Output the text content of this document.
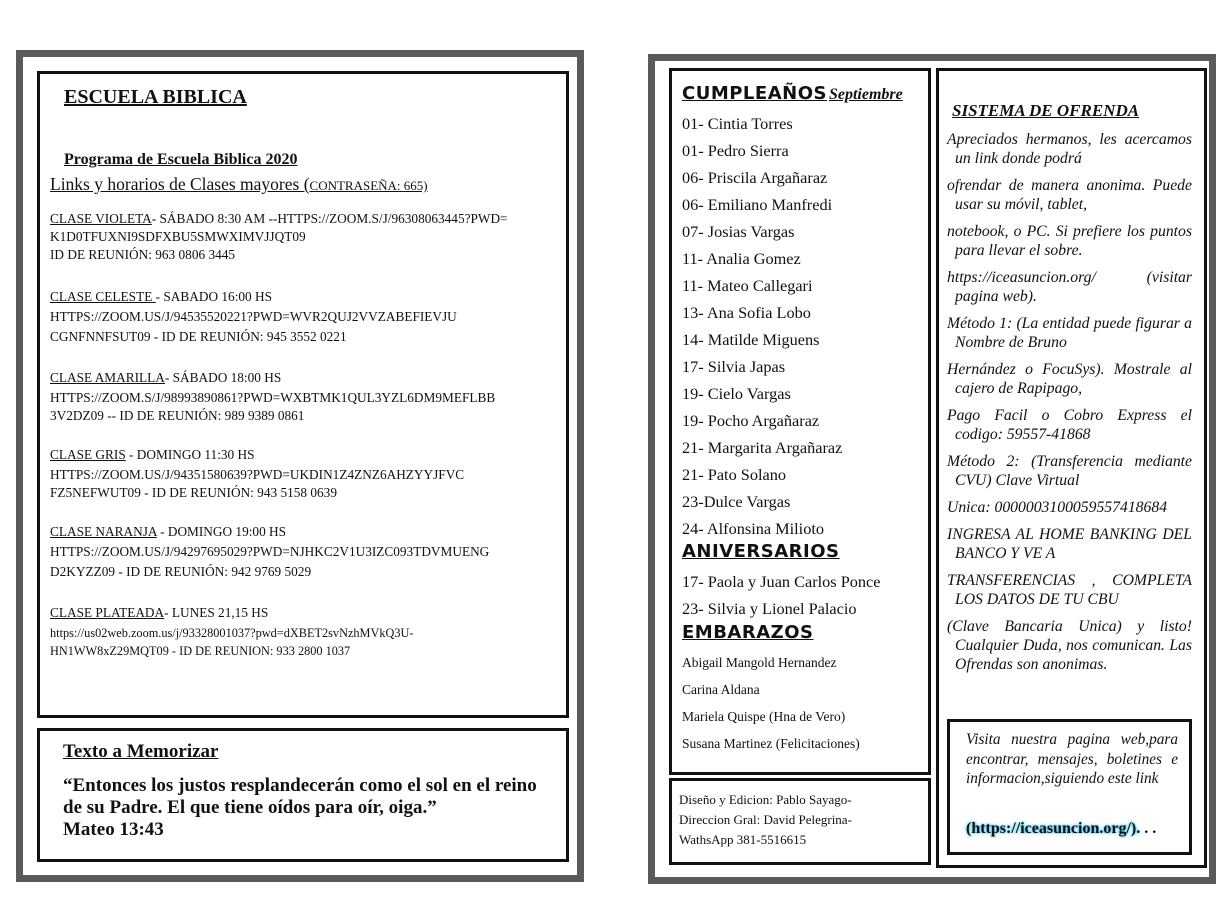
ESCUELA BIBLICA
Programa de Escuela Biblica 2020
Links y horarios de Clases mayores (CONTRASEÑA: 665)
CLASE VIOLETA- SÁBADO 8:30 AM --HTTPS://ZOOM.S/J/96308063445?PWD=
K1D0TFUXNI9SDFXBU5SMWXIMVJJQT09
ID DE REUNIÓN: 963 0806 3445
CLASE CELESTE - SABADO 16:00 HS
HTTPS://ZOOM.US/J/94535520221?PWD=WVR2QUJ2VVZABEFIEVJU
CGNFNNFSUT09 - ID DE REUNIÓN: 945 3552 0221
CLASE AMARILLA- SÁBADO 18:00 HS
HTTPS://ZOOM.S/J/98993890861?PWD=WXBTMK1QUL3YZL6DM9MEFLBB
3V2DZ09 -- ID DE REUNIÓN: 989 9389 0861
CLASE GRIS - DOMINGO 11:30 HS
HTTPS://ZOOM.US/J/94351580639?PWD=UKDIN1Z4ZNZ6AHZYYJFVC
FZ5NEFWUT09 - ID DE REUNIÓN: 943 5158 0639
CLASE NARANJA - DOMINGO 19:00 HS
HTTPS://ZOOM.US/J/94297695029?PWD=NJHKC2V1U3IZC093TDVMUENG
D2KYZZ09 - ID DE REUNIÓN: 942 9769 5029
CLASE PLATEADA- LUNES 21,15 HS
https://us02web.zoom.us/j/93328001037?pwd=dXBET2svNzhMVkQ3U-
HN1WW8xZ29MQT09 - ID DE REUNION: 933 2800 1037
Texto a Memorizar
“Entonces los justos resplandecerán como el sol en el reino de su Padre. El que tiene oídos para oír, oiga.”
Mateo 13:43
CUMPLEAÑOS Septiembre
01- Cintia Torres
01- Pedro Sierra
06- Priscila Argañaraz
06- Emiliano Manfredi
07- Josias Vargas
11- Analia Gomez
11- Mateo Callegari
13- Ana Sofia Lobo
14- Matilde Miguens
17- Silvia Japas
19- Cielo Vargas
19- Pocho Argañaraz
21- Margarita Argañaraz
21- Pato Solano
23-Dulce Vargas
24- Alfonsina Milioto
ANIVERSARIOS
17- Paola y Juan Carlos Ponce
23- Silvia y Lionel Palacio
EMBARAZOS
Abigail Mangold Hernandez
Carina Aldana
Mariela Quispe (Hna de Vero)
Susana Martinez (Felicitaciones)
Diseño y Edicion: Pablo Sayago-
Direccion Gral: David Pelegrina-
WathsApp 381-5516615
SISTEMA DE OFRENDA

Apreciados hermanos, les acercamos un link donde podrá

ofrendar de manera anonima. Puede usar su móvil, tablet,

notebook, o PC. Si prefiere los puntos para llevar el sobre.

https://iceasuncion.org/ (visitar pagina web).

Método 1: (La entidad puede figurar a Nombre de Bruno

Hernández o FocuSys). Mostrale al cajero de Rapipago,

Pago Facil o Cobro Express el codigo: 59557-41868

Método 2: (Transferencia mediante CVU) Clave Virtual

Unica: 0000003100059557418684

INGRESA AL HOME BANKING DEL BANCO Y VE A

TRANSFERENCIAS , COMPLETA LOS DATOS DE TU CBU

(Clave Bancaria Unica) y listo! Cualquier Duda, nos comunican. Las Ofrendas son anonimas.

Visita nuestra pagina web,para encontrar, mensajes, boletines e informacion,siguiendo este link
(https://iceasuncion.org/). . .
